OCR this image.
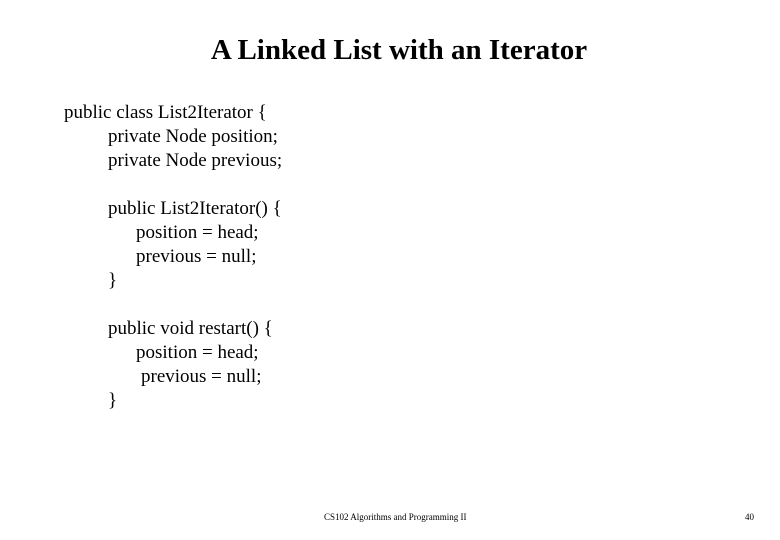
A Linked List with an Iterator
public class List2Iterator {
private Node position;
private Node previous;
public List2Iterator() {
position = head;
previous = null;
}
public void restart() {
position = head;
previous = null;
}
CS102 Algorithms and Programming II	40
